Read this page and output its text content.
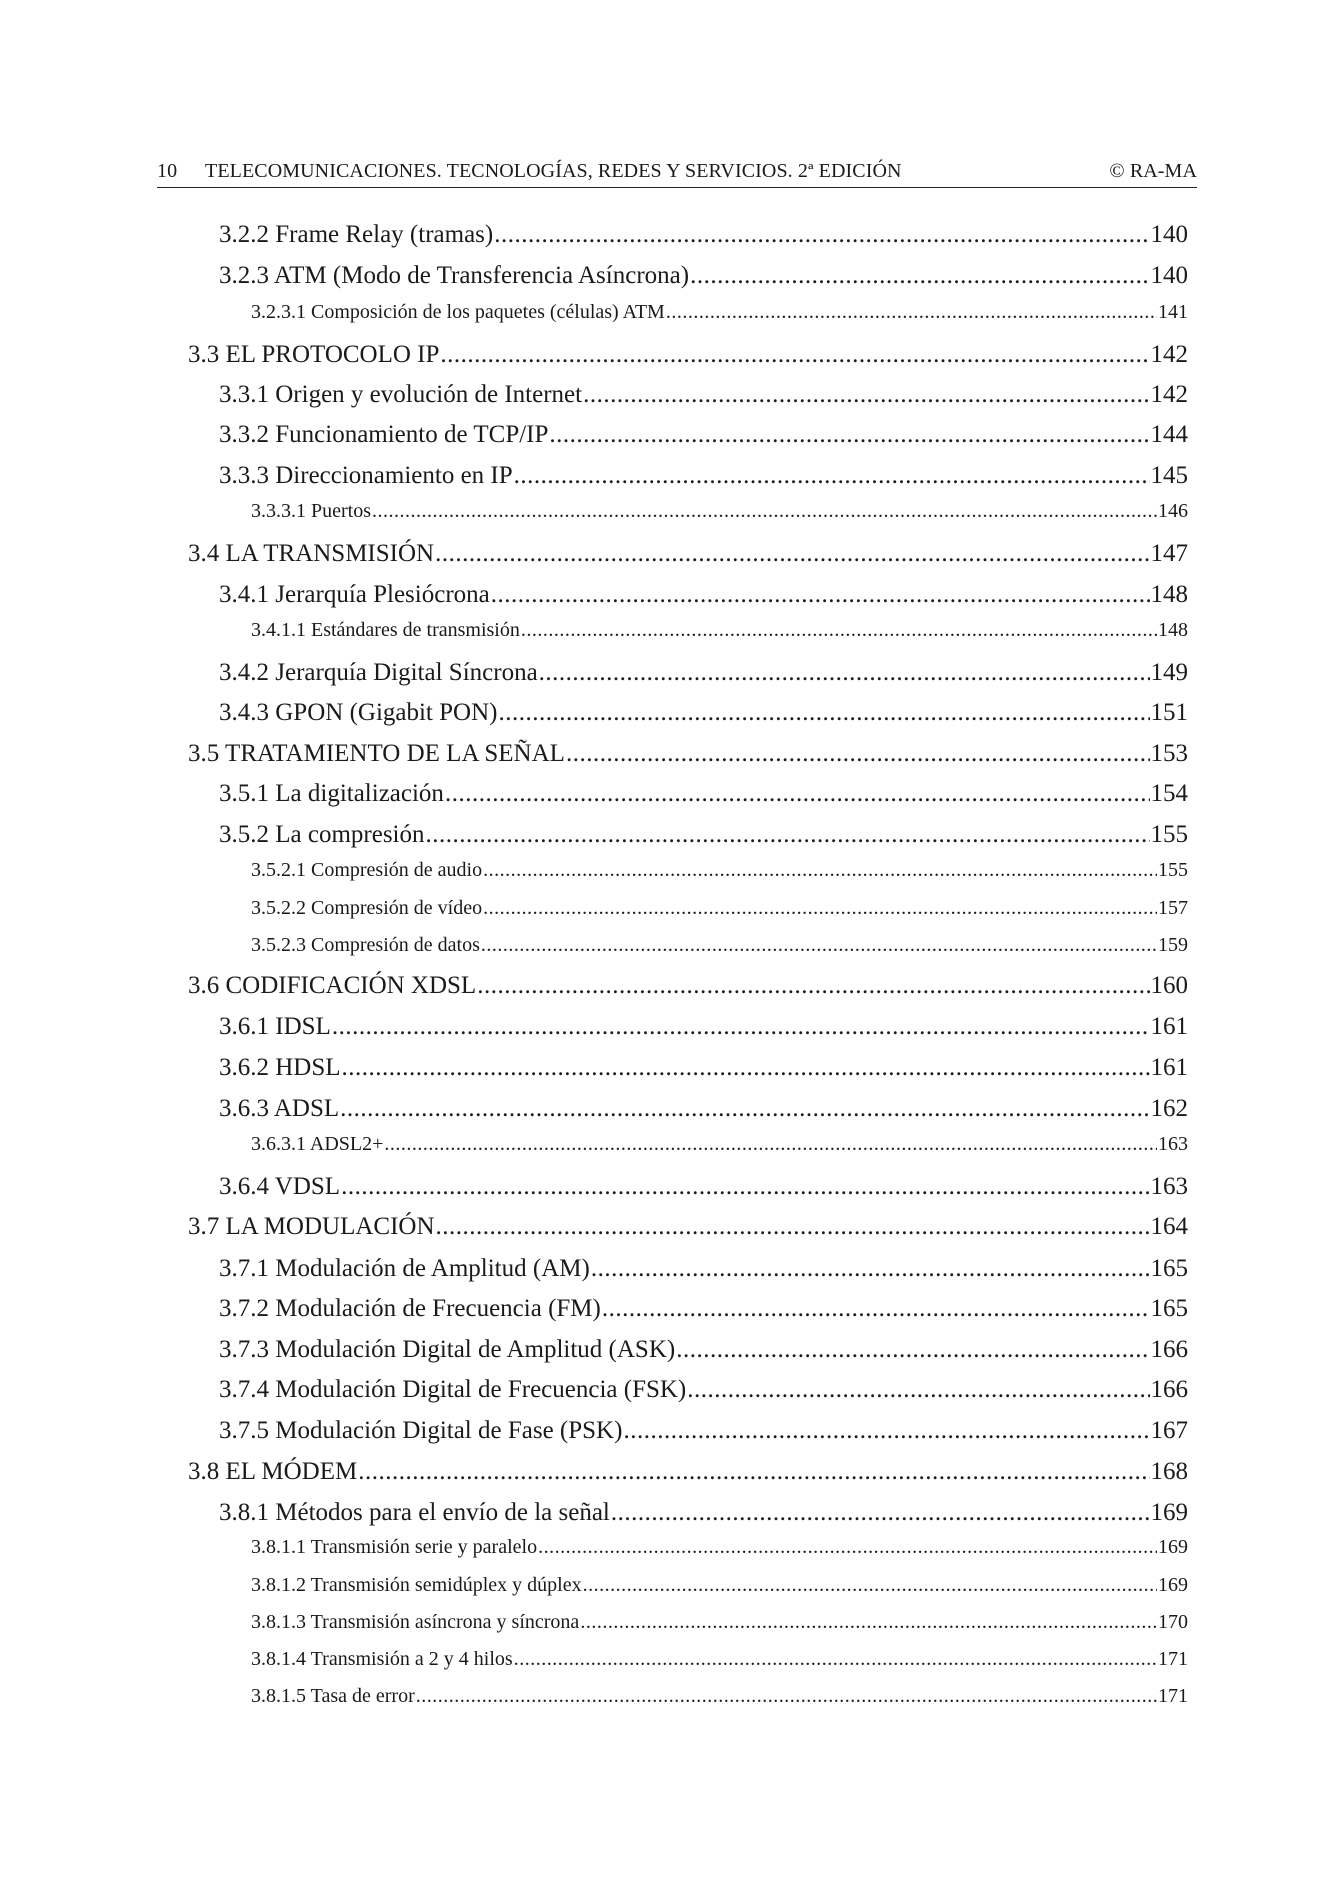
10 TELECOMUNICACIONES. TECNOLOGÍAS, REDES Y SERVICIOS. 2ª EDICIÓN	© RA-MA
3.2.2 Frame Relay (tramas) .....	140
3.2.3 ATM (Modo de Transferencia Asíncrona) .....	140
3.2.3.1 Composición de los paquetes (células) ATM .....	141
3.3 EL PROTOCOLO IP .....	142
3.3.1 Origen y evolución de Internet .....	142
3.3.2 Funcionamiento de TCP/IP .....	144
3.3.3 Direccionamiento en IP .....	145
3.3.3.1 Puertos .....	146
3.4 LA TRANSMISIÓN .....	147
3.4.1 Jerarquía Plesiócrona .....	148
3.4.1.1 Estándares de transmisión .....	148
3.4.2 Jerarquía Digital Síncrona .....	149
3.4.3 GPON (Gigabit PON) .....	151
3.5 TRATAMIENTO DE LA SEÑAL .....	153
3.5.1 La digitalización .....	154
3.5.2 La compresión .....	155
3.5.2.1 Compresión de audio .....	155
3.5.2.2 Compresión de vídeo .....	157
3.5.2.3 Compresión de datos .....	159
3.6 CODIFICACIÓN XDSL .....	160
3.6.1 IDSL .....	161
3.6.2 HDSL .....	161
3.6.3 ADSL .....	162
3.6.3.1 ADSL2+ .....	163
3.6.4 VDSL .....	163
3.7 LA MODULACIÓN .....	164
3.7.1 Modulación de Amplitud (AM) .....	165
3.7.2 Modulación de Frecuencia (FM) .....	165
3.7.3 Modulación Digital de Amplitud (ASK) .....	166
3.7.4 Modulación Digital de Frecuencia (FSK) .....	166
3.7.5 Modulación Digital de Fase (PSK) .....	167
3.8 EL MÓDEM .....	168
3.8.1 Métodos para el envío de la señal .....	169
3.8.1.1 Transmisión serie y paralelo .....	169
3.8.1.2 Transmisión semidúplex y dúplex .....	169
3.8.1.3 Transmisión asíncrona y síncrona .....	170
3.8.1.4 Transmisión a 2 y 4 hilos .....	171
3.8.1.5 Tasa de error .....	171
